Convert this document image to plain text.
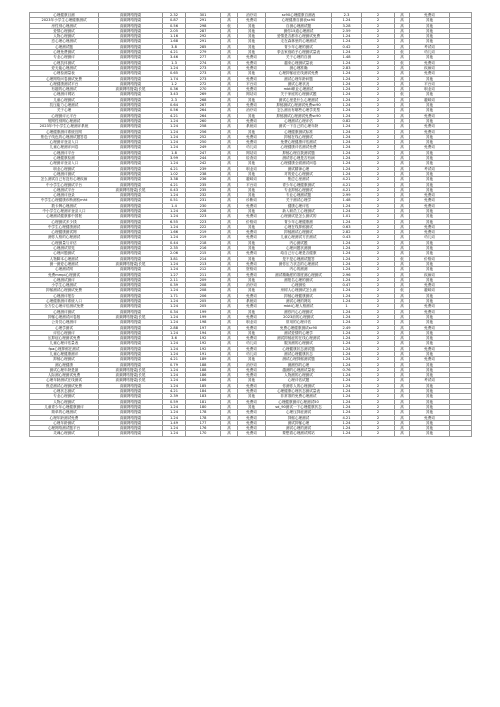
心理健康目测	高频网络搜索	2.32	301	高	治疗词	sc90心理健康自测表	2.3	2	高	免费词	
2023年小学生心理健康测试	高频网络搜索	0.87	291	高	免费词	心理健康自测表sc90	1.24	2	高	其他	
房性别心理测试	高频网络搜索	0.56	298	低	其他	自测心理测试题	3.28	2	高	其他	
爱情心理测试	高频网络搜索	2.05	287	高	其他	测你15道心理测试	2.59	2	高	其他	
人物心理测试	高频网络搜索	1.16	292	高	其他	爱情是否都市心理测试免费	1.24	2	高	其他	
恋心理心理测试	高频网络搜索	1.68	291	高	其他	走在森林里的心理测试	1.24	2	高	其他	
心理测试题	高频网络搜索	3.8	285	高	其他	青少年心理的测试	0.42	2	高	考试词	
心理免费测试	高频网络搜索	4.21	279	高	其他	拳击家庭给予心理测试量表	1.24	2	低	幼儿词	
专业心理测评	高频网络搜索	3.46	277	高	免费词	关于心理的自测	1.48	2	高	其他	
心理抗体测试	高频网络搜索	1.3	274	高	免费词	越来心理测试量表	1.24	2	低	免费词	
爱无能心理测试	高频网络搜索	1.24	273	高	免费词	测心理准确	2.83	2	高	疾病词	
心理检测量表	高频网络搜索	0.65	273	高	其他	心理抑郁症在线测试免费	1.24	2	高	免费词	
心理网络问卷测试免费	高频网络搜索	1.74	273	高	免费词	测试心理年龄问题	1.24	2	高	其他	
心理健康测试平台	高频网络搜索	1.2	272	高	平台词	测试心理状况	1.24	2	高	平台词	
有趣的心理测试	高频网络搜索|长尾	0.36	270	高	免费词	mbti职业心理测试	1.24	2	高	职业词	
心理测评网站	高频网络搜索	3.43	269	高	网站词	关于家庭的心理测试题	1.24	2	低	其他	
儿童心理测试	高频网络搜索	2.3	268	高	其他	测试心里是什么心理测试	1.24	2	高	趣味词	
抗压能力心理测试	高频网络搜索	0.64	267	高	免费词	抑郁测试心理测试免费sc90	1.24	2	高	其他	
关于心理	高频网络搜索	0.56	264	高	治疗词	怎么测出有哪些心理学类型	1.24	2	高	其他	
心理测评元平台	高频网络搜索	4.21	264	高	其他	抑郁测试心理测试免费sc90	1.24	2	高	免费词	
短网性别网心理测试	高频网络搜索	1.24	260	高	免费词	心理测试心理评估	0.82	2	高	其他	
2023年中小学生心理测评系统	高频网络搜索	1.24	258	高	系统词	测试一下自己的心理年龄	1.24	2	高	免费词	
心理健康测评系统官网	高频网络搜索	1.24	256	高	其他	心理健康测试标准	1.24	2	高	免费词	
焦色子线色的心理测试题答卷	高频网络搜索	1.24	252	高	免费词	抑郁在线心理测试	1.24	2	高	其他	
心理测评登录入口	高频网络搜索	1.24	250	高	免费词	免费心理健康评估测试	1.24	2	高	其他	
儿童心理测评问卷	高频网络搜索	1.24	249	高	幼儿词	心理健康评估测试免费	1.24	2	高	免费词	
心理测评平台	高频网络搜索	1.8	247	高	网站词	抑郁心理自我测试题	1.24	2	高	其他	
心理健康检测	高频网络搜索	3.99	244	高	检查词	测试你心理是否有病	1.24	2	高	其他	
心理测评登录入口	高频网络搜索	1.24	242	高	其他	心理健康全面测试问卷	1.24	2	高	其他	
职业心理测试	高频网络搜索	4.21	239	高	职业词	测试精神心理	1.24	2	高	考试词	
心理测评测试	高频网络搜索	1.02	238	高	其他	对的爱心心理测试	1.24	2	高	其他	
怎么测试自己有没有心理疾病	高频网络搜索	3.38	236	高	趣味词	焦虑心里测试	4.21	2	高	其他	
中小学生心理测试平台	高频网络搜索	4.21	235	高	平台词	青少年心理健康测试	4.21	2	高	其他	
心理测试平台	高频网络搜索|长尾	0.43	235	高	其他	专业抑郁心理测试	4.21	2	高	其他	
心理测评登录	高频网络搜索	1.24	232	高	其他	专业心理测试题	2.99	2	高	免费词	
中学生心理健康诊断测验mht	高频网络搜索	0.51	231	高	诊断词	关于测试心理学	1.48	2	高	免费词	
数卡牌心理测试	高频网络搜索	1.4	230	高	免费词	健康心理评估	1.24	2	高	免费词	
中小学生心理测评登录入口	高频网络搜索	1.24	228	高	其他	新入职员工心理测试	1.24	2	高	其他	
心理测试健康都中国报	高频网络搜索	1.24	223	高	免费词	心理测试是怎么测试的	1.01	2	高	其他	
心理测试多少钱	高频网络搜索	6.55	223	高	价格词	青少年心理健康测	1.24	2	高	其他	
中学生心理健康测试	高频网络搜索	1.24	222	高	其他	心理在线抑郁测试	0.63	2	高	免费词	
心理健康测试网	高频网络搜索	1.66	219	高	免费词	抑郁测试心理测试	2.82	2	高	免费词	
测你人格的心理测试	高频网络搜索	1.24	219	高	免费词	儿童心理测试方法测试	0.43	2	高	幼儿词	
心理测量与评估	高频网络搜索	0.44	218	高	其他	内心测试题	1.24	2	高	其他	
心理测试常见	高频网络搜索	2.35	216	高	其他	心理问题状测测	1.24	2	高	其他	
心理问题测试	高频网络搜索	2.06	215	高	免费词	给自己行心理是否健康	1.24	2	高	其他	
人物脚本心理测试	高频网络搜索	3.81	214	高	其他	是不是心理测试题答	1.24	2	低	价格词	
测一测爱心理测试	高频网络搜索|长尾	1.24	213	高	免费词	测你压力状态的心理测试	1.24	2	高	其他	
心理测试网	高频网络搜索	1.24	212	高	资格词	内心的测测	1.24	2	高	其他	
免费mmpi心理测试	高频网络搜索	1.27	211	高	免费词	测试精确度的准度测心理测试	2.96	2	高	疾病词	
心理测试测评	高频网络搜索	2.11	209	高	其他	测报名心理的测试	1.24	2	高	其他	
小学生心理测试	高频网络搜索	0.39	208	高	治疗词	心理测验	0.47	2	高	免费词	
抑郁测试心理测试免费	高频网络搜索	1.24	208	高	其他	房树人心理测试怎么画	1.24	2	低	趣味词	
心理测评报告	高频网络搜索	1.71	206	高	免费词	抑郁心理健康测试	1.24	2	高	其他	
心理健康测评系统入口	高频网络搜索	1.24	205	高	系统词	测试心理的网站	1.24	2	高	其他	
全方位心理评估测试免费	高频网络搜索	1.24	205	高	免费词	mbti心理人格测试	1	2	高	免费词	
心理测评测试	高频网络搜索	0.34	199	高	其他	测你内心心理测试	1.24	2	高	免费词	
抑郁心理测试问卷版	高频网络搜索|长尾	1.24	199	高	免费词	2023前的心理测试	1.24	2	高	其他	
公务员心理测评	高频网络搜索	1.24	198	高	职业词	常用的心理评估	1.24	2	高	其他	
心理学测试	高频网络搜索	2.88	197	高	免费词	免费心理健康测试sc90	2.49	2	高	免费词	
评估心理测评	高频网络搜索	1.24	194	高	其他	测试爱情的心理学	1.24	2	高	其他	
压抑症心理测试免费	高频网络搜索	3.6	192	高	免费词	测试抑郁症的在线心理测试	1.24	2	高	其他	
儿童心理评估量表	高频网络搜索	1.24	192	高	幼儿词	服务测的心理测试	1.24	2	高	其他	
fpa心理抑郁在测试	高频网络搜索	1.24	192	高	免费词	心理健康状态测试题	1.24	2	高	免费词	
儿童心理健康测评	高频网络搜索	1.24	191	高	幼儿词	测试心理健康状态	1.24	2	高	其他	
抑郁心理测试	高频网络搜索	4.21	189	高	其他	测试心理抑郁测试题	1.24	2	高	免费词	
测心理健康	高频网络搜索	0.79	188	高	治疗词	测测你的心理	1.24	2	高	其他	
测试心理年龄是最	高频网络搜索|长尾	1.24	188	高	免费词	越测的心理测试量表	0.76	2	高	其他	
人际测心理测试免费	高频网络搜索|长尾	1.24	186	高	免费词	人物测的心理测试	1.24	2	高	其他	
心理年龄测试在线测试	高频网络搜索|长尾	1.24	186	高	其他	心理评估试题	1.24	2	高	考试词	
焦虑测试心理测试免费	高频网络搜索	1.24	185	高	免费词	你测你人的心理测试	1.24	2	高	其他	
心理状态测试	高频网络搜索	4.21	184	高	免费词	心理健康心理状态测试量表	1.24	2	高	其他	
专业心理测试	高频网络搜索	2.39	183	高	其他	非常准的免费心理测试	1.24	2	高	其他	
人物心理测试	高频网络搜索	0.59	181	高	免费词	心理健康测评心理测试50	1.24	2	高	其他	
儿童青少年心理健康测评	高频网络搜索	1.24	180	高	其他	sd_90测试一下心理健康状态	1.24	2	高	其他	
简单的心理测试	高频网络搜索	1.24	178	高	免费词	心理压抑症测试	1.24	2	高	其他	
心理年龄测试免费	高频网络搜索	1.24	178	高	免费词	抑郁心理测试	4.21	2	高	免费词	
心理年龄测试	高频网络搜索	1.49	177	高	免费词	测试抑郁心理	1.24	2	高	其他	
心理网络测试题平台	高频网络搜索	1.24	176	高	免费词	测试心理的测试	1.24	2	高	其他	
灵魂心理测试	高频网络搜索	1.24	170	高	免费词	要想看心理测试网站	1.24	2	高	其他	
